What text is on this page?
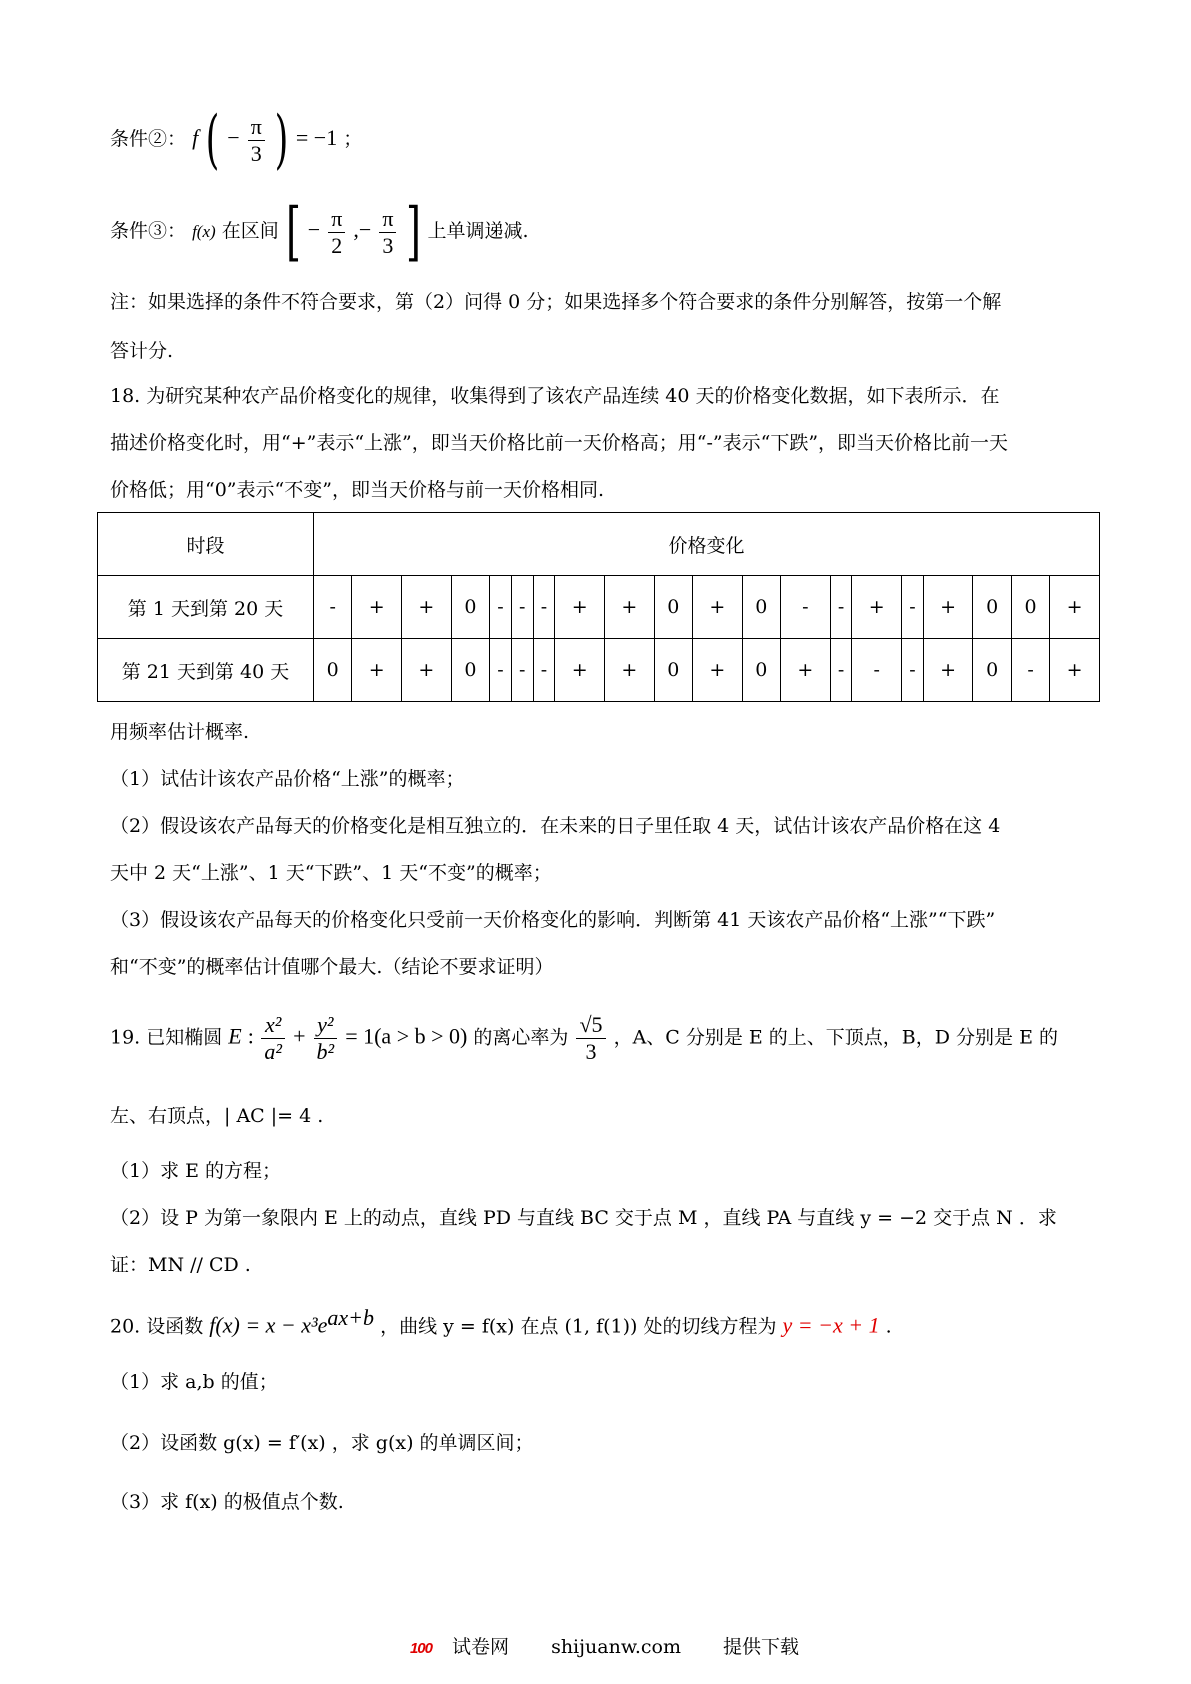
条件②： f ( − $\frac{\pi}{3}$ ) = −1 ；
条件③： f(x) 在区间 [ − $\frac{\pi}{2}$ ,− $\frac{\pi}{3}$ ] 上单调递减.
注：如果选择的条件不符合要求，第（2）问得 0 分；如果选择多个符合要求的条件分别解答，按第一个解
答计分.
18. 为研究某种农产品价格变化的规律，收集得到了该农产品连续 40 天的价格变化数据，如下表所示．在
描述价格变化时，用“+”表示“上涨”，即当天价格比前一天价格高；用“-”表示“下跌”，即当天价格比前一天
价格低；用“0”表示“不变”，即当天价格与前一天价格相同.
时段	价格变化																			
第 1 天到第 20 天	-	+	+	0	-	-	-	+	+	0	+	0	-	-	+	-	+	0	0	+
第 21 天到第 40 天	0	+	+	0	-	-	-	+	+	0	+	0	+	-	-	-	+	0	-	+
用频率估计概率.
（1）试估计该农产品价格“上涨”的概率；
（2）假设该农产品每天的价格变化是相互独立的．在未来的日子里任取 4 天，试估计该农产品价格在这 4
天中 2 天“上涨”、1 天“下跌”、1 天“不变”的概率；
（3）假设该农产品每天的价格变化只受前一天价格变化的影响．判断第 41 天该农产品价格“上涨”“下跌”
和“不变”的概率估计值哪个最大.（结论不要求证明）
19. 已知椭圆 E : $\frac{\text{x²}}{\text{a²}} + \frac{\text{y²}}{\text{b²}} = 1(a > b > 0)$ 的离心率为 $\frac{√5}{3}$ ，A、C 分别是 E 的上、下顶点，B，D 分别是 E 的
左、右顶点，| AC |= 4 .
（1）求 E 的方程；
（2）设 P 为第一象限内 E 上的动点，直线 PD 与直线 BC 交于点 M ，直线 PA 与直线 y = −2 交于点 N ．求
证：MN // CD .
20. 设函数 $f(x) = x - x^3e^{ax+b}$ ，曲线 y = f(x) 在点 (1, f(1)) 处的切线方程为 y = −x + 1 .
（1）求 a,b 的值；
（2）设函数 g(x) = f′(x) ，求 g(x) 的单调区间；
（3）求 f(x) 的极值点个数.
100 试卷网 shijuanw.com 提供下载
